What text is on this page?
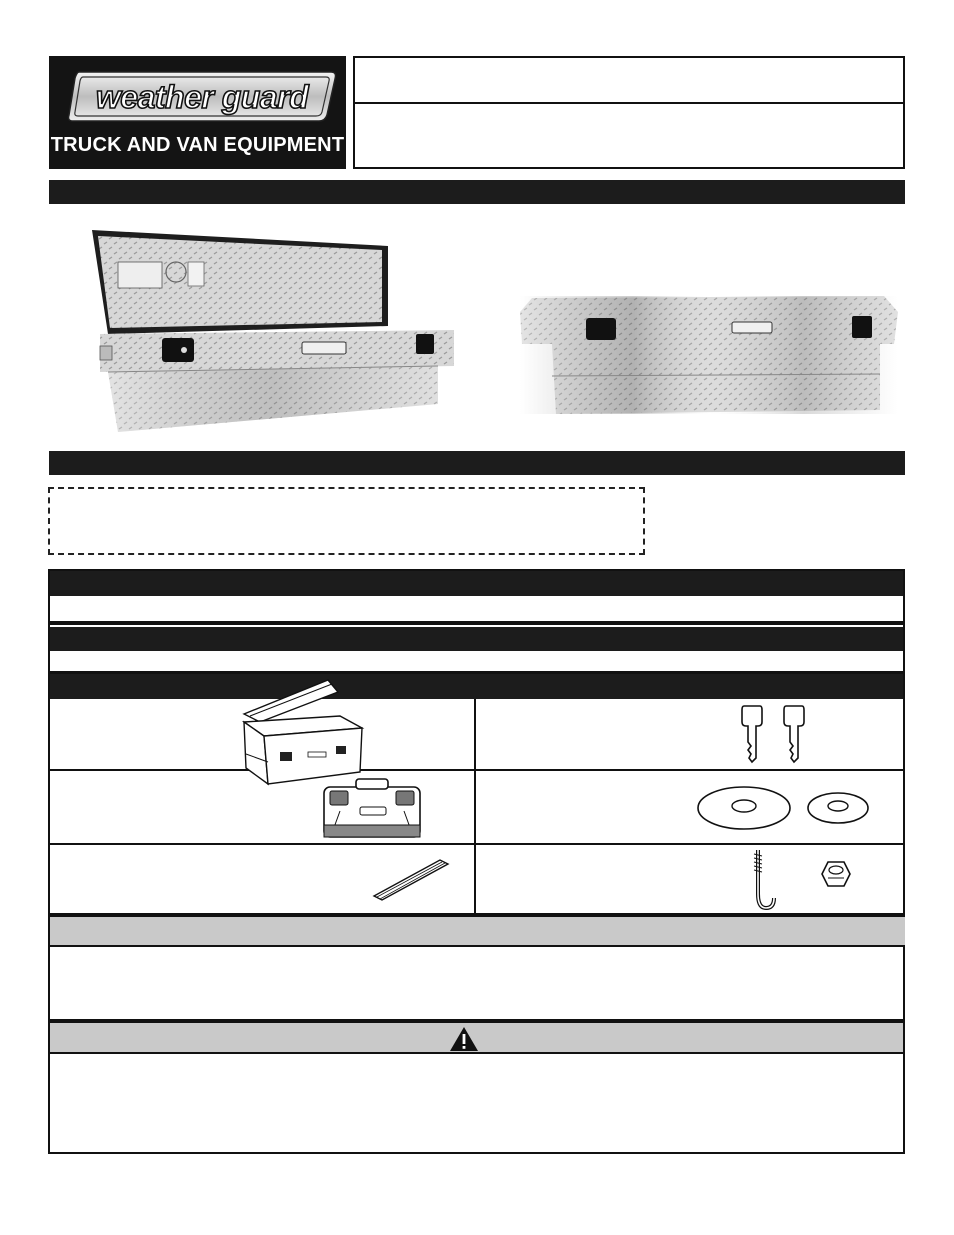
weather guard
TRUCK AND VAN EQUIPMENT
